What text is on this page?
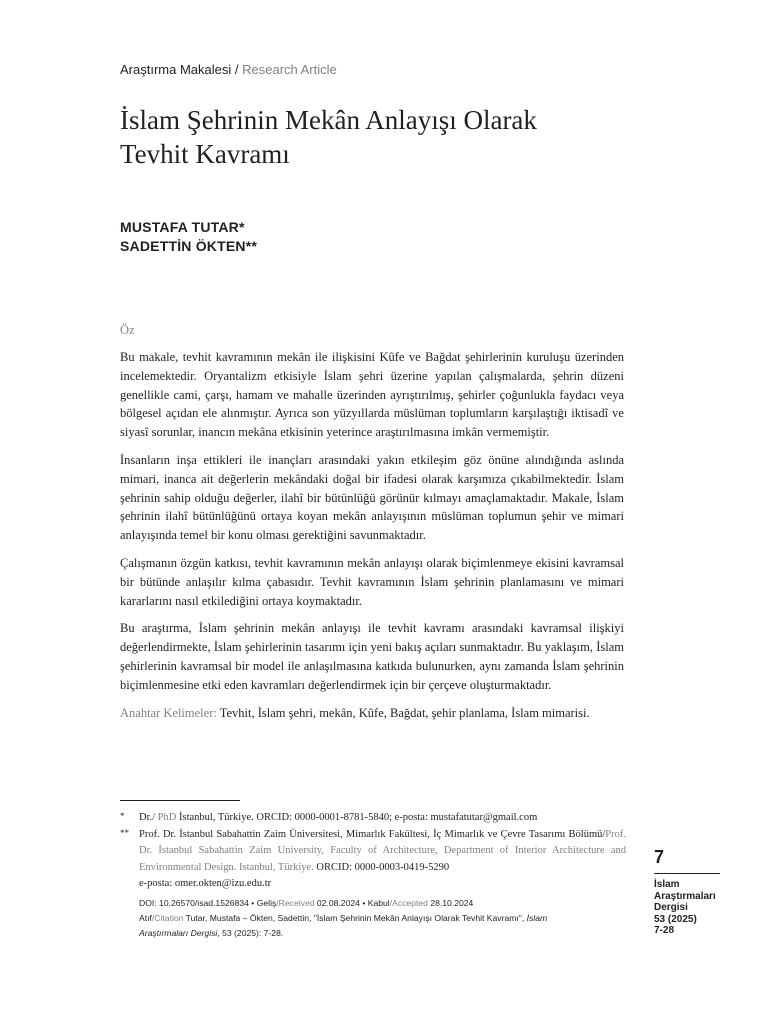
Araştırma Makalesi / Research Article
İslam Şehrinin Mekân Anlayışı Olarak
Tevhit Kavramı
MUSTAFA TUTAR*
SADETTİN ÖKTEN**
Öz

Bu makale, tevhit kavramının mekân ile ilişkisini Kûfe ve Bağdat şehirlerinin kuruluşu üzerinden incelemektedir. Oryantalizm etkisiyle İslam şehri üzerine yapılan çalışmalarda, şehrin düzeni genellikle cami, çarşı, hamam ve mahalle üzerinden ayrıştırılmış, şehirler çoğunlukla faydacı veya bölgesel açıdan ele alınmıştır. Ayrıca son yüzyıllarda müslüman toplumların karşılaştığı iktisadî ve siyasî sorunlar, inancın mekâna etkisinin yeterince araştırılmasına imkân vermemiştir.

İnsanların inşa ettikleri ile inançları arasındaki yakın etkileşim göz önüne alındığında aslında mimari, inanca ait değerlerin mekândaki doğal bir ifadesi olarak karşımıza çıkabilmektedir. İslam şehrinin sahip olduğu değerler, ilahî bir bütünlüğü görünür kılmayı amaçlamaktadır. Makale, İslam şehrinin ilahî bütünlüğünü ortaya koyan mekân anlayışının müslüman toplumun şehir ve mimari anlayışında temel bir konu olması gerektiğini savunmaktadır.

Çalışmanın özgün katkısı, tevhit kavramının mekân anlayışı olarak biçimlenmeye ekisini kavramsal bir bütünde anlaşılır kılma çabasıdır. Tevhit kavramının İslam şehrinin planlamasını ve mimari kararlarını nasıl etkilediğini ortaya koymaktadır.

Bu araştırma, İslam şehrinin mekân anlayışı ile tevhit kavramı arasındaki kavramsal ilişkiyi değerlendirmekte, İslam şehirlerinin tasarımı için yeni bakış açıları sunmaktadır. Bu yaklaşım, İslam şehirlerinin kavramsal bir model ile anlaşılmasına katkıda bulunurken, aynı zamanda İslam şehrinin biçimlenmesine etki eden kavramları değerlendirmek için bir çerçeve oluşturmaktadır.

Anahtar Kelimeler: Tevhit, İslam şehri, mekân, Kûfe, Bağdat, şehir planlama, İslam mimarisi.

* Dr./ PhD İstanbul, Türkiye. ORCID: 0000-0001-8781-5840; e-posta: mustafatutar@gmail.com
** Prof. Dr. İstanbul Sabahattin Zaim Üniversitesi, Mimarlık Fakültesi, İç Mimarlık ve Çevre Tasarımı Bölümü/Prof. Dr. İstanbul Sabahattin Zaim University, Faculty of Architecture, Department of Interior Architecture and Environmental Design. Istanbul, Türkiye. ORCID: 0000-0003-0419-5290
e-posta: omer.okten@izu.edu.tr
DOI: 10.26570/isad.1526834 • Geliş/Received 02.08.2024 • Kabul/Accepted 28.10.2024
Atıf/Citation Tutar, Mustafa – Ökten, Sadettin, "İslam Şehrinin Mekân Anlayışı Olarak Tevhit Kavramı", İslam
Araştırmaları Dergisi, 53 (2025): 7-28.
7
İslam
Araştırmaları
Dergisi
53 (2025)
7-28
